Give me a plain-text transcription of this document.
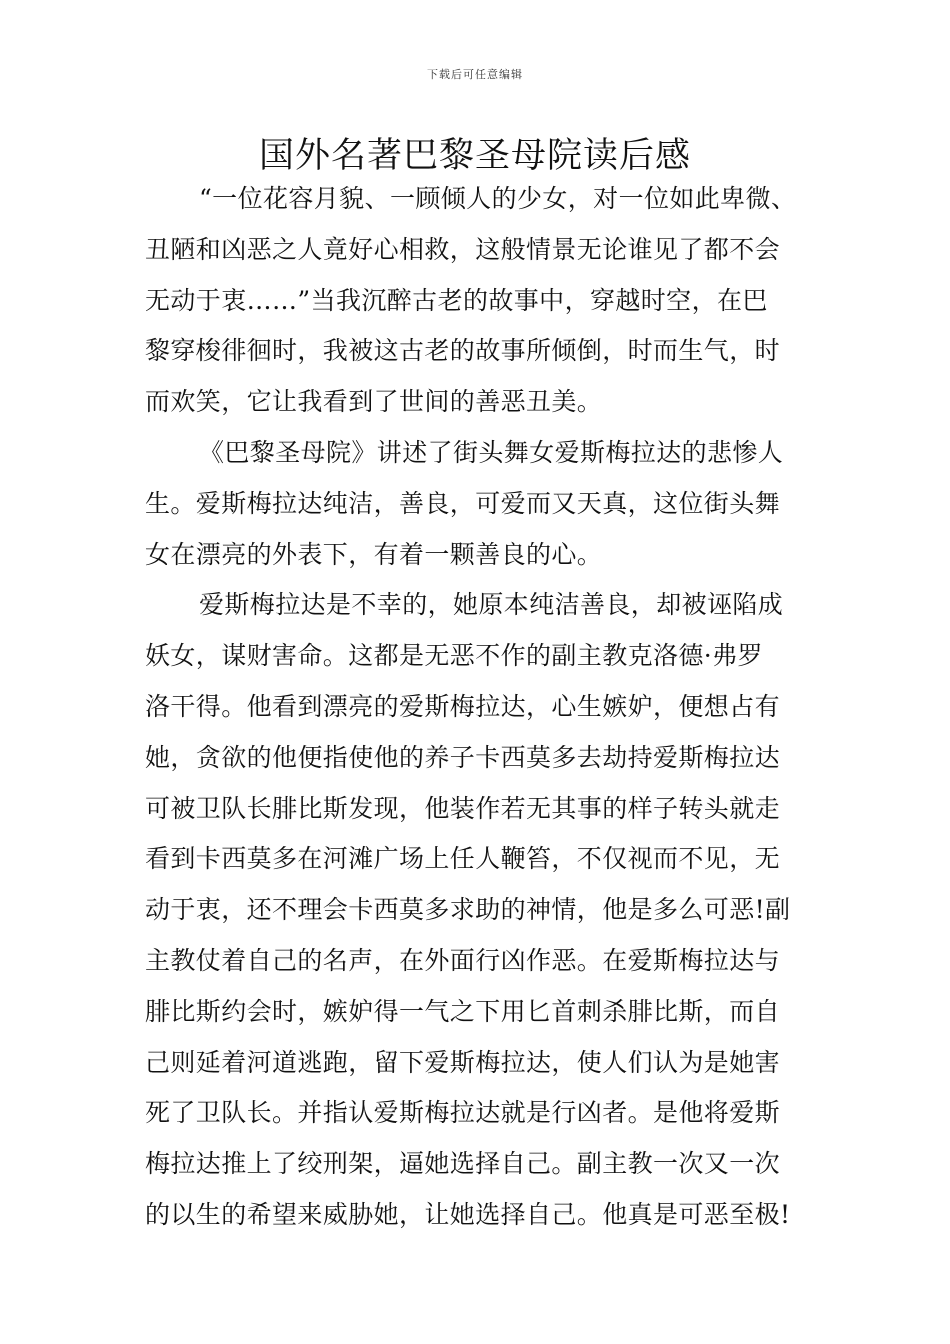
下载后可任意编辑
国外名著巴黎圣母院读后感
“一位花容月貌、一顾倾人的少女，对一位如此卑微、
丑陋和凶恶之人竟好心相救，这般情景无论谁见了都不会
无动于衷……”当我沉醉古老的故事中，穿越时空，在巴
黎穿梭徘徊时，我被这古老的故事所倾倒，时而生气，时
而欢笑，它让我看到了世间的善恶丑美。
《巴黎圣母院》讲述了街头舞女爱斯梅拉达的悲惨人
生。爱斯梅拉达纯洁，善良，可爱而又天真，这位街头舞
女在漂亮的外表下，有着一颗善良的心。
爱斯梅拉达是不幸的，她原本纯洁善良，却被诬陷成
妖女，谋财害命。这都是无恶不作的副主教克洛德·弗罗
洛干得。他看到漂亮的爱斯梅拉达，心生嫉妒，便想占有
她，贪欲的他便指使他的养子卡西莫多去劫持爱斯梅拉达
可被卫队长腓比斯发现，他装作若无其事的样子转头就走
看到卡西莫多在河滩广场上任人鞭笞，不仅视而不见，无
动于衷，还不理会卡西莫多求助的神情，他是多么可恶!副
主教仗着自己的名声，在外面行凶作恶。在爱斯梅拉达与
腓比斯约会时，嫉妒得一气之下用匕首刺杀腓比斯，而自
己则延着河道逃跑，留下爱斯梅拉达，使人们认为是她害
死了卫队长。并指认爱斯梅拉达就是行凶者。是他将爱斯
梅拉达推上了绞刑架，逼她选择自己。副主教一次又一次
的以生的希望来威胁她，让她选择自己。他真是可恶至极!
